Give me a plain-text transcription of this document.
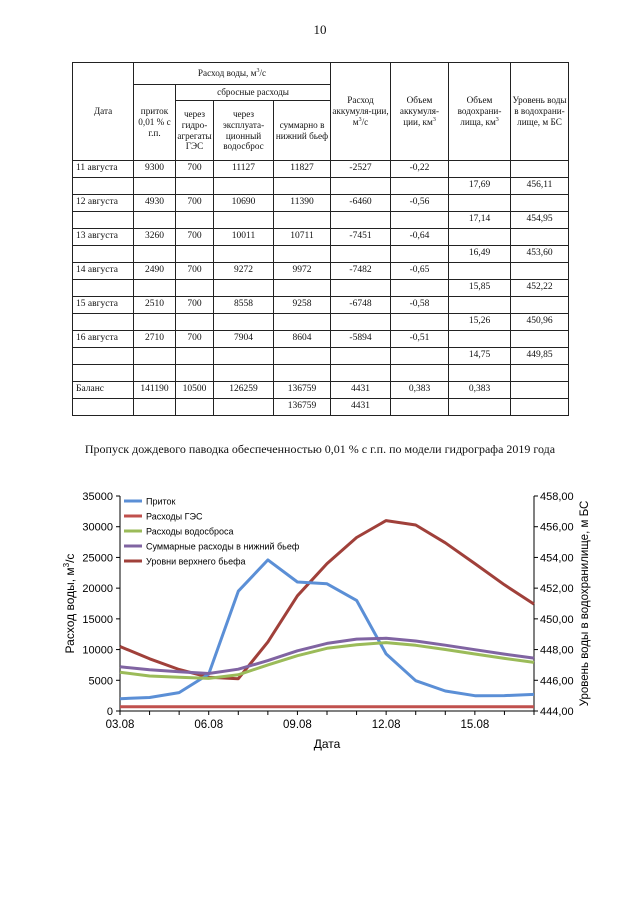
10
Дата	Расход воды, $м^3/с$				Расход аккумуля-ции, $м^3/с$	Объем аккумуля-ции, $км^3$	Объем водохрани-лища, $км^3$	Уровень воды в водохрани-лище, м БС
	приток 0,01 % с г.п.	сбросные расходы						
		через гидро-агрегаты ГЭС	через эксплуата-ционный водосброс	суммарно в нижний бьеф				
11 августа	9300	700	11127	11827	-2527	-0,22		
							17,69	456,11
12 августа	4930	700	10690	11390	-6460	-0,56		
							17,14	454,95
13 августа	3260	700	10011	10711	-7451	-0,64		
							16,49	453,60
14 августа	2490	700	9272	9972	-7482	-0,65		
							15,85	452,22
15 августа	2510	700	8558	9258	-6748	-0,58		
							15,26	450,96
16 августа	2710	700	7904	8604	-5894	-0,51		
							14,75	449,85

Баланс	141190	10500	126259	136759	4431	0,383	0,383	
				136759	4431			
Пропуск дождевого паводка обеспеченностью 0,01 % с г.п. по модели гидрографа 2019 года
0
5000
10000
15000
20000
25000
30000
35000
444,00
446,00
448,00
450,00
452,00
454,00
456,00
458,00
03.08	06.08	09.08	12.08	15.08
Дата
Расход воды, $м^3/с$	Уровень воды в водохранилище, м БС
Приток
Расходы ГЭС
Расходы водосброса
Суммарные расходы в нижний бьеф
Уровни верхнего бьефа
